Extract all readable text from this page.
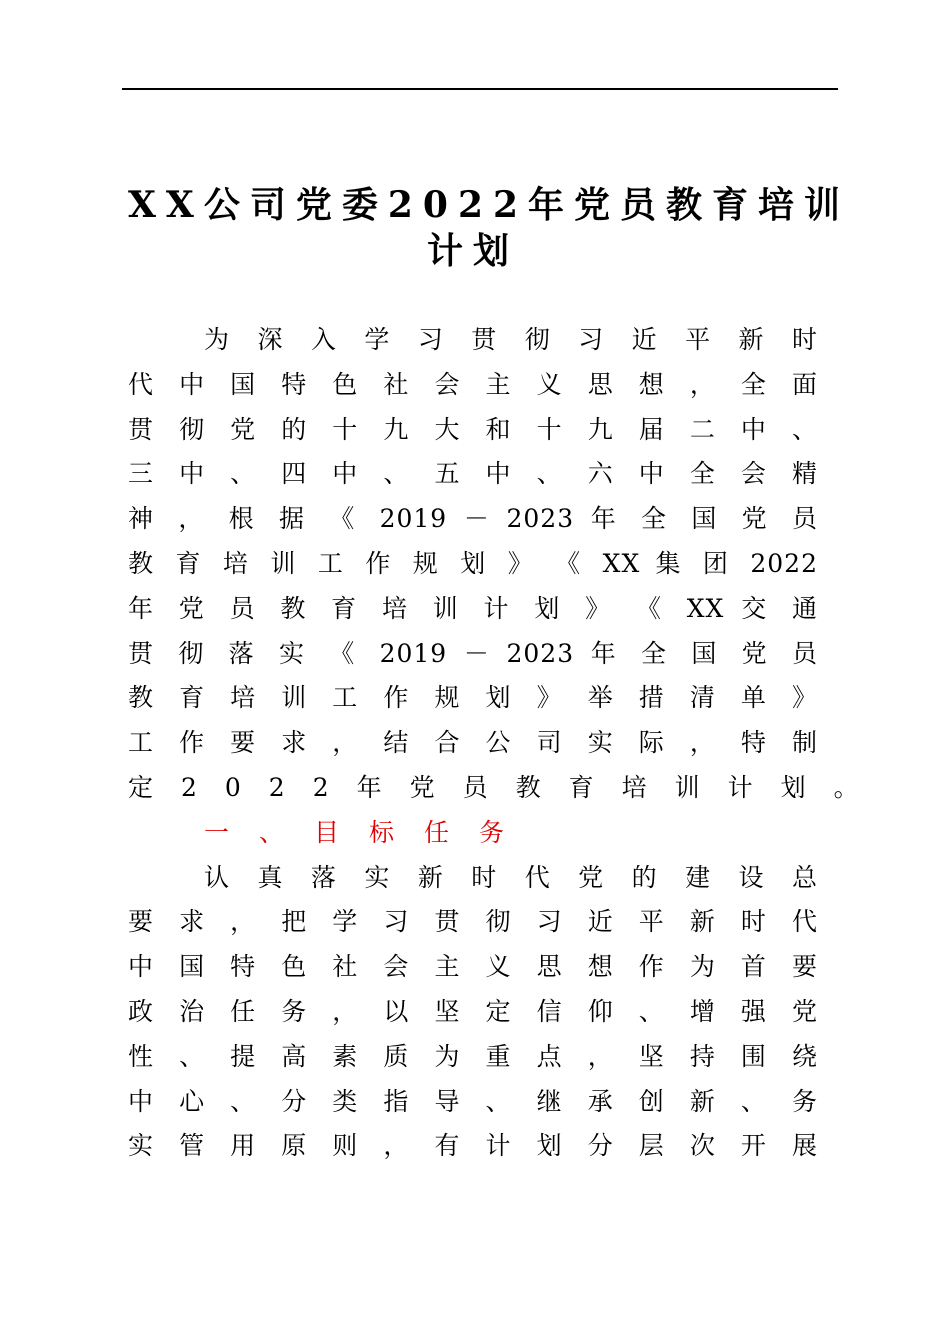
XX公司党委2022年党员教育培训
计划
为 深 入 学 习 贯 彻 习 近 平 新 时
代 中 国 特 色 社 会 主 义 思 想 ， 全 面
贯 彻 党 的 十 九 大 和 十 九 届 二 中 、
三 中 、 四 中 、 五 中 、 六 中 全 会 精
神 ， 根 据 《 2019 － 2023 年 全 国 党 员
教 育 培 训 工 作 规 划 》 《 XX 集 团 2022
年 党 员 教 育 培 训 计 划 》 《 XX 交 通
贯 彻 落 实 《 2019 － 2023 年 全 国 党 员
教 育 培 训 工 作 规 划 》 举 措 清 单 》
工 作 要 求 ， 结 合 公 司 实 际 ， 特 制
定2022年党员教育培训计划。
一、目标任务
认 真 落 实 新 时 代 党 的 建 设 总
要 求 ， 把 学 习 贯 彻 习 近 平 新 时 代
中 国 特 色 社 会 主 义 思 想 作 为 首 要
政 治 任 务 ， 以 坚 定 信 仰 、 增 强 党
性 、 提 高 素 质 为 重 点 ， 坚 持 围 绕
中 心 、 分 类 指 导 、 继 承 创 新 、 务
实 管 用 原 则 ， 有 计 划 分 层 次 开 展
